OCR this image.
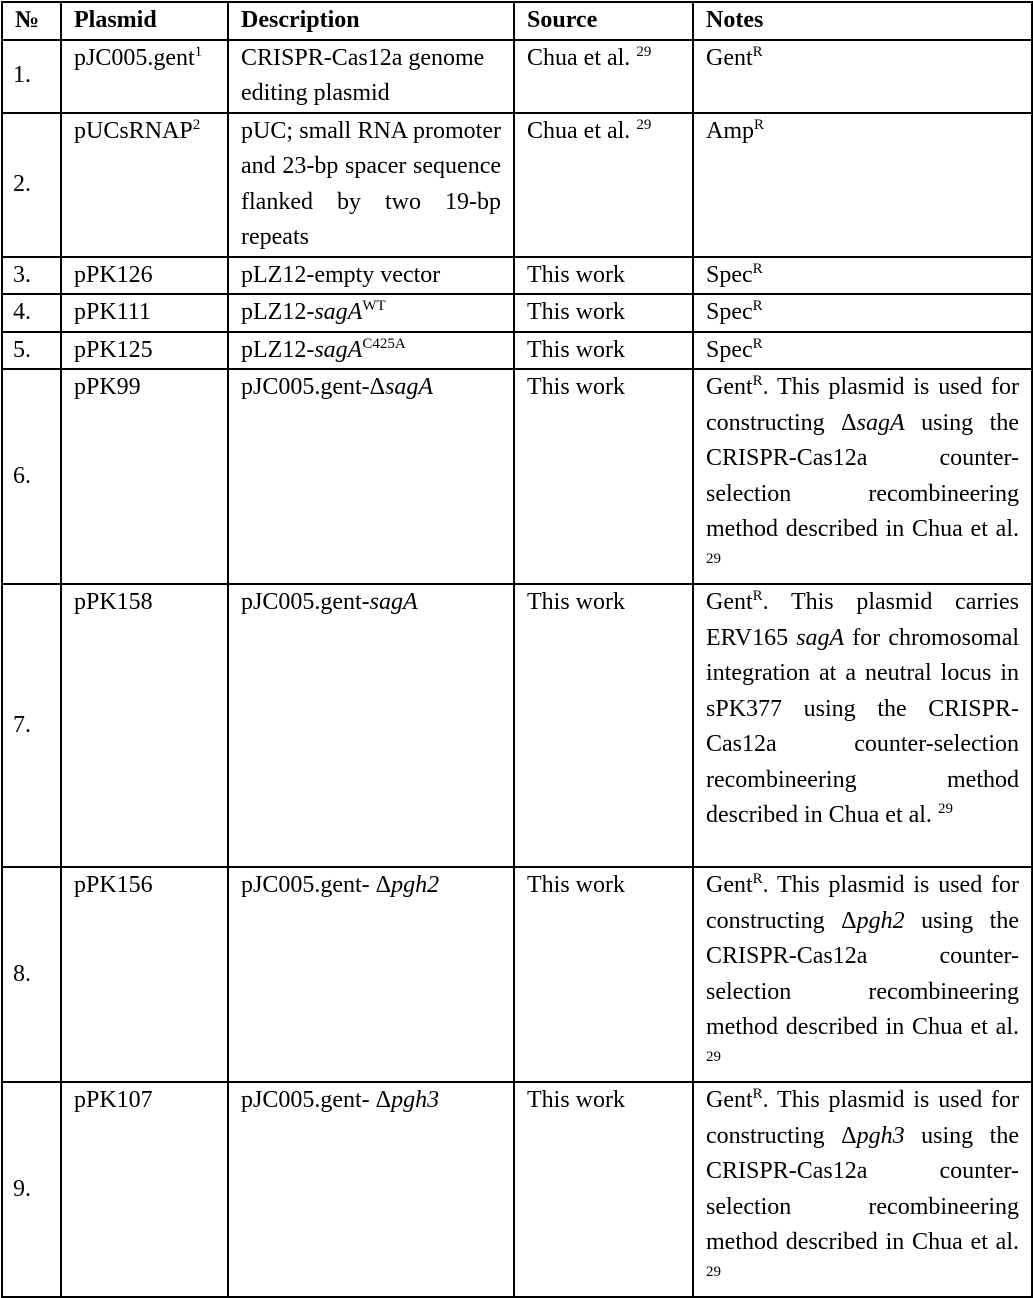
№	Plasmid	Description	Source	Notes
1.	pJC005.gent$^1$	CRISPR-Cas12a genome editing plasmid	Chua et al. $^{29}$	Gent$^R$
2.	pUCsRNAP$^2$	pUC; small RNA promoter and 23-bp spacer sequence flanked by two 19-bp repeats	Chua et al. $^{29}$	Amp$^R$
3.	pPK126	pLZ12-empty vector	This work	Spec$^R$
4.	pPK111	pLZ12-sagA$^{WT}$	This work	Spec$^R$
5.	pPK125	pLZ12-sagA$^{C425A}$	This work	Spec$^R$
6.	pPK99	pJC005.gent-ΔsagA	This work	Gent$^R$. This plasmid is used for constructing ΔsagA using the CRISPR-Cas12a counter-selection recombineering method described in Chua et al. $^{29}$
7.	pPK158	pJC005.gent-sagA	This work	Gent$^R$. This plasmid carries ERV165 sagA for chromosomal integration at a neutral locus in sPK377 using the CRISPR-Cas12a counter-selection recombineering method described in Chua et al. $^{29}$
8.	pPK156	pJC005.gent- Δpgh2	This work	Gent$^R$. This plasmid is used for constructing Δpgh2 using the CRISPR-Cas12a counter-selection recombineering method described in Chua et al. $^{29}$
9.	pPK107	pJC005.gent- Δpgh3	This work	Gent$^R$. This plasmid is used for constructing Δpgh3 using the CRISPR-Cas12a counter-selection recombineering method described in Chua et al. $^{29}$
